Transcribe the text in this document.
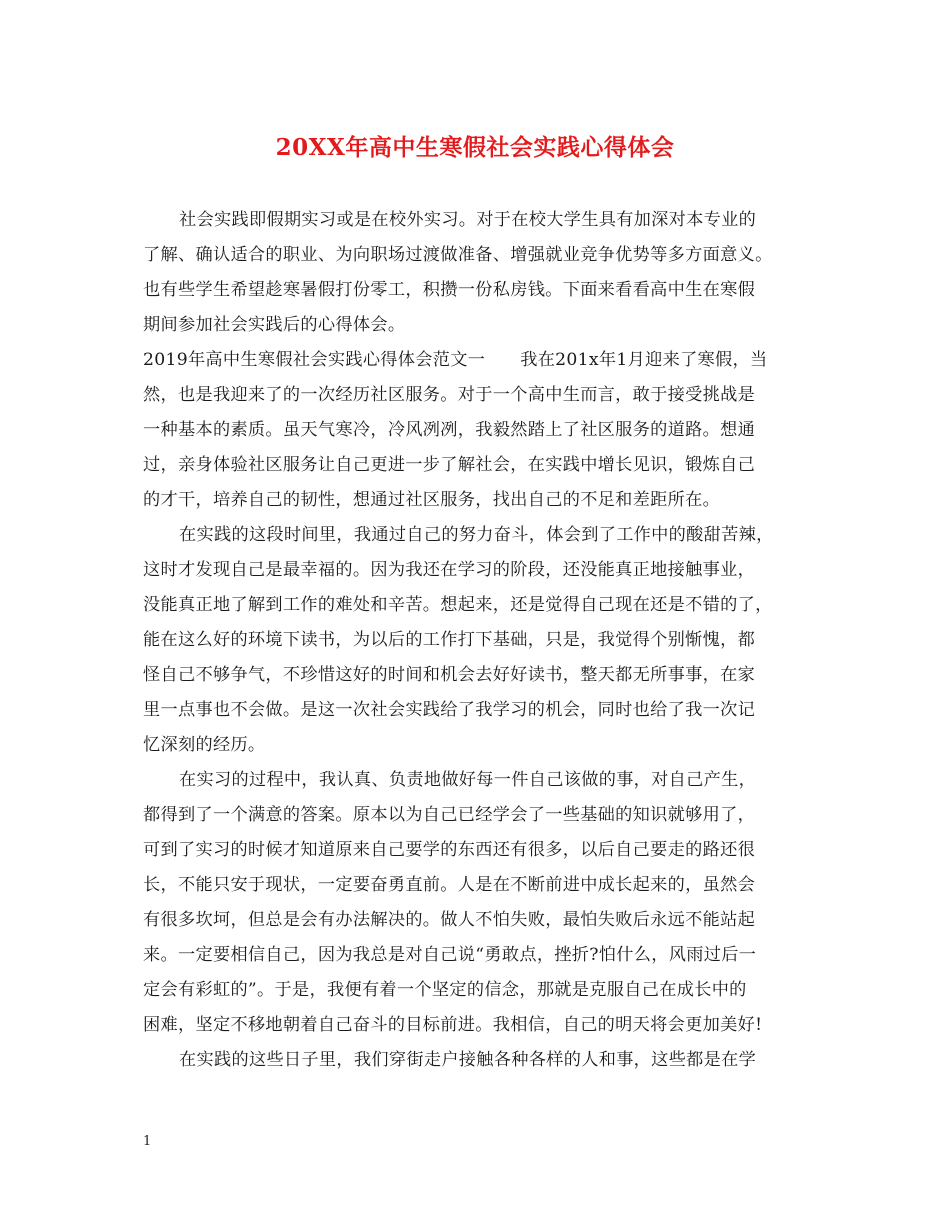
20XX年高中生寒假社会实践心得体会
社会实践即假期实习或是在校外实习。对于在校大学生具有加深对本专业的
了解、确认适合的职业、为向职场过渡做准备、增强就业竞争优势等多方面意义。
也有些学生希望趁寒暑假打份零工，积攒一份私房钱。下面来看看高中生在寒假
期间参加社会实践后的心得体会。
2019年高中生寒假社会实践心得体会范文一　　我在201x年1月迎来了寒假，当
然，也是我迎来了的一次经历社区服务。对于一个高中生而言，敢于接受挑战是
一种基本的素质。虽天气寒冷，冷风冽冽，我毅然踏上了社区服务的道路。想通
过，亲身体验社区服务让自己更进一步了解社会，在实践中增长见识，锻炼自己
的才干，培养自己的韧性，想通过社区服务，找出自己的不足和差距所在。
在实践的这段时间里，我通过自己的努力奋斗，体会到了工作中的酸甜苦辣，
这时才发现自己是最幸福的。因为我还在学习的阶段，还没能真正地接触事业，
没能真正地了解到工作的难处和辛苦。想起来，还是觉得自己现在还是不错的了，
能在这么好的环境下读书，为以后的工作打下基础，只是，我觉得个别惭愧，都
怪自己不够争气，不珍惜这好的时间和机会去好好读书，整天都无所事事，在家
里一点事也不会做。是这一次社会实践给了我学习的机会，同时也给了我一次记
忆深刻的经历。
在实习的过程中，我认真、负责地做好每一件自己该做的事，对自己产生，
都得到了一个满意的答案。原本以为自己已经学会了一些基础的知识就够用了，
可到了实习的时候才知道原来自己要学的东西还有很多，以后自己要走的路还很
长，不能只安于现状，一定要奋勇直前。人是在不断前进中成长起来的，虽然会
有很多坎坷，但总是会有办法解决的。做人不怕失败，最怕失败后永远不能站起
来。一定要相信自己，因为我总是对自己说“勇敢点，挫折?怕什么，风雨过后一
定会有彩虹的”。于是，我便有着一个坚定的信念，那就是克服自己在成长中的
困难，坚定不移地朝着自己奋斗的目标前进。我相信，自己的明天将会更加美好!
在实践的这些日子里，我们穿街走户接触各种各样的人和事，这些都是在学
1
